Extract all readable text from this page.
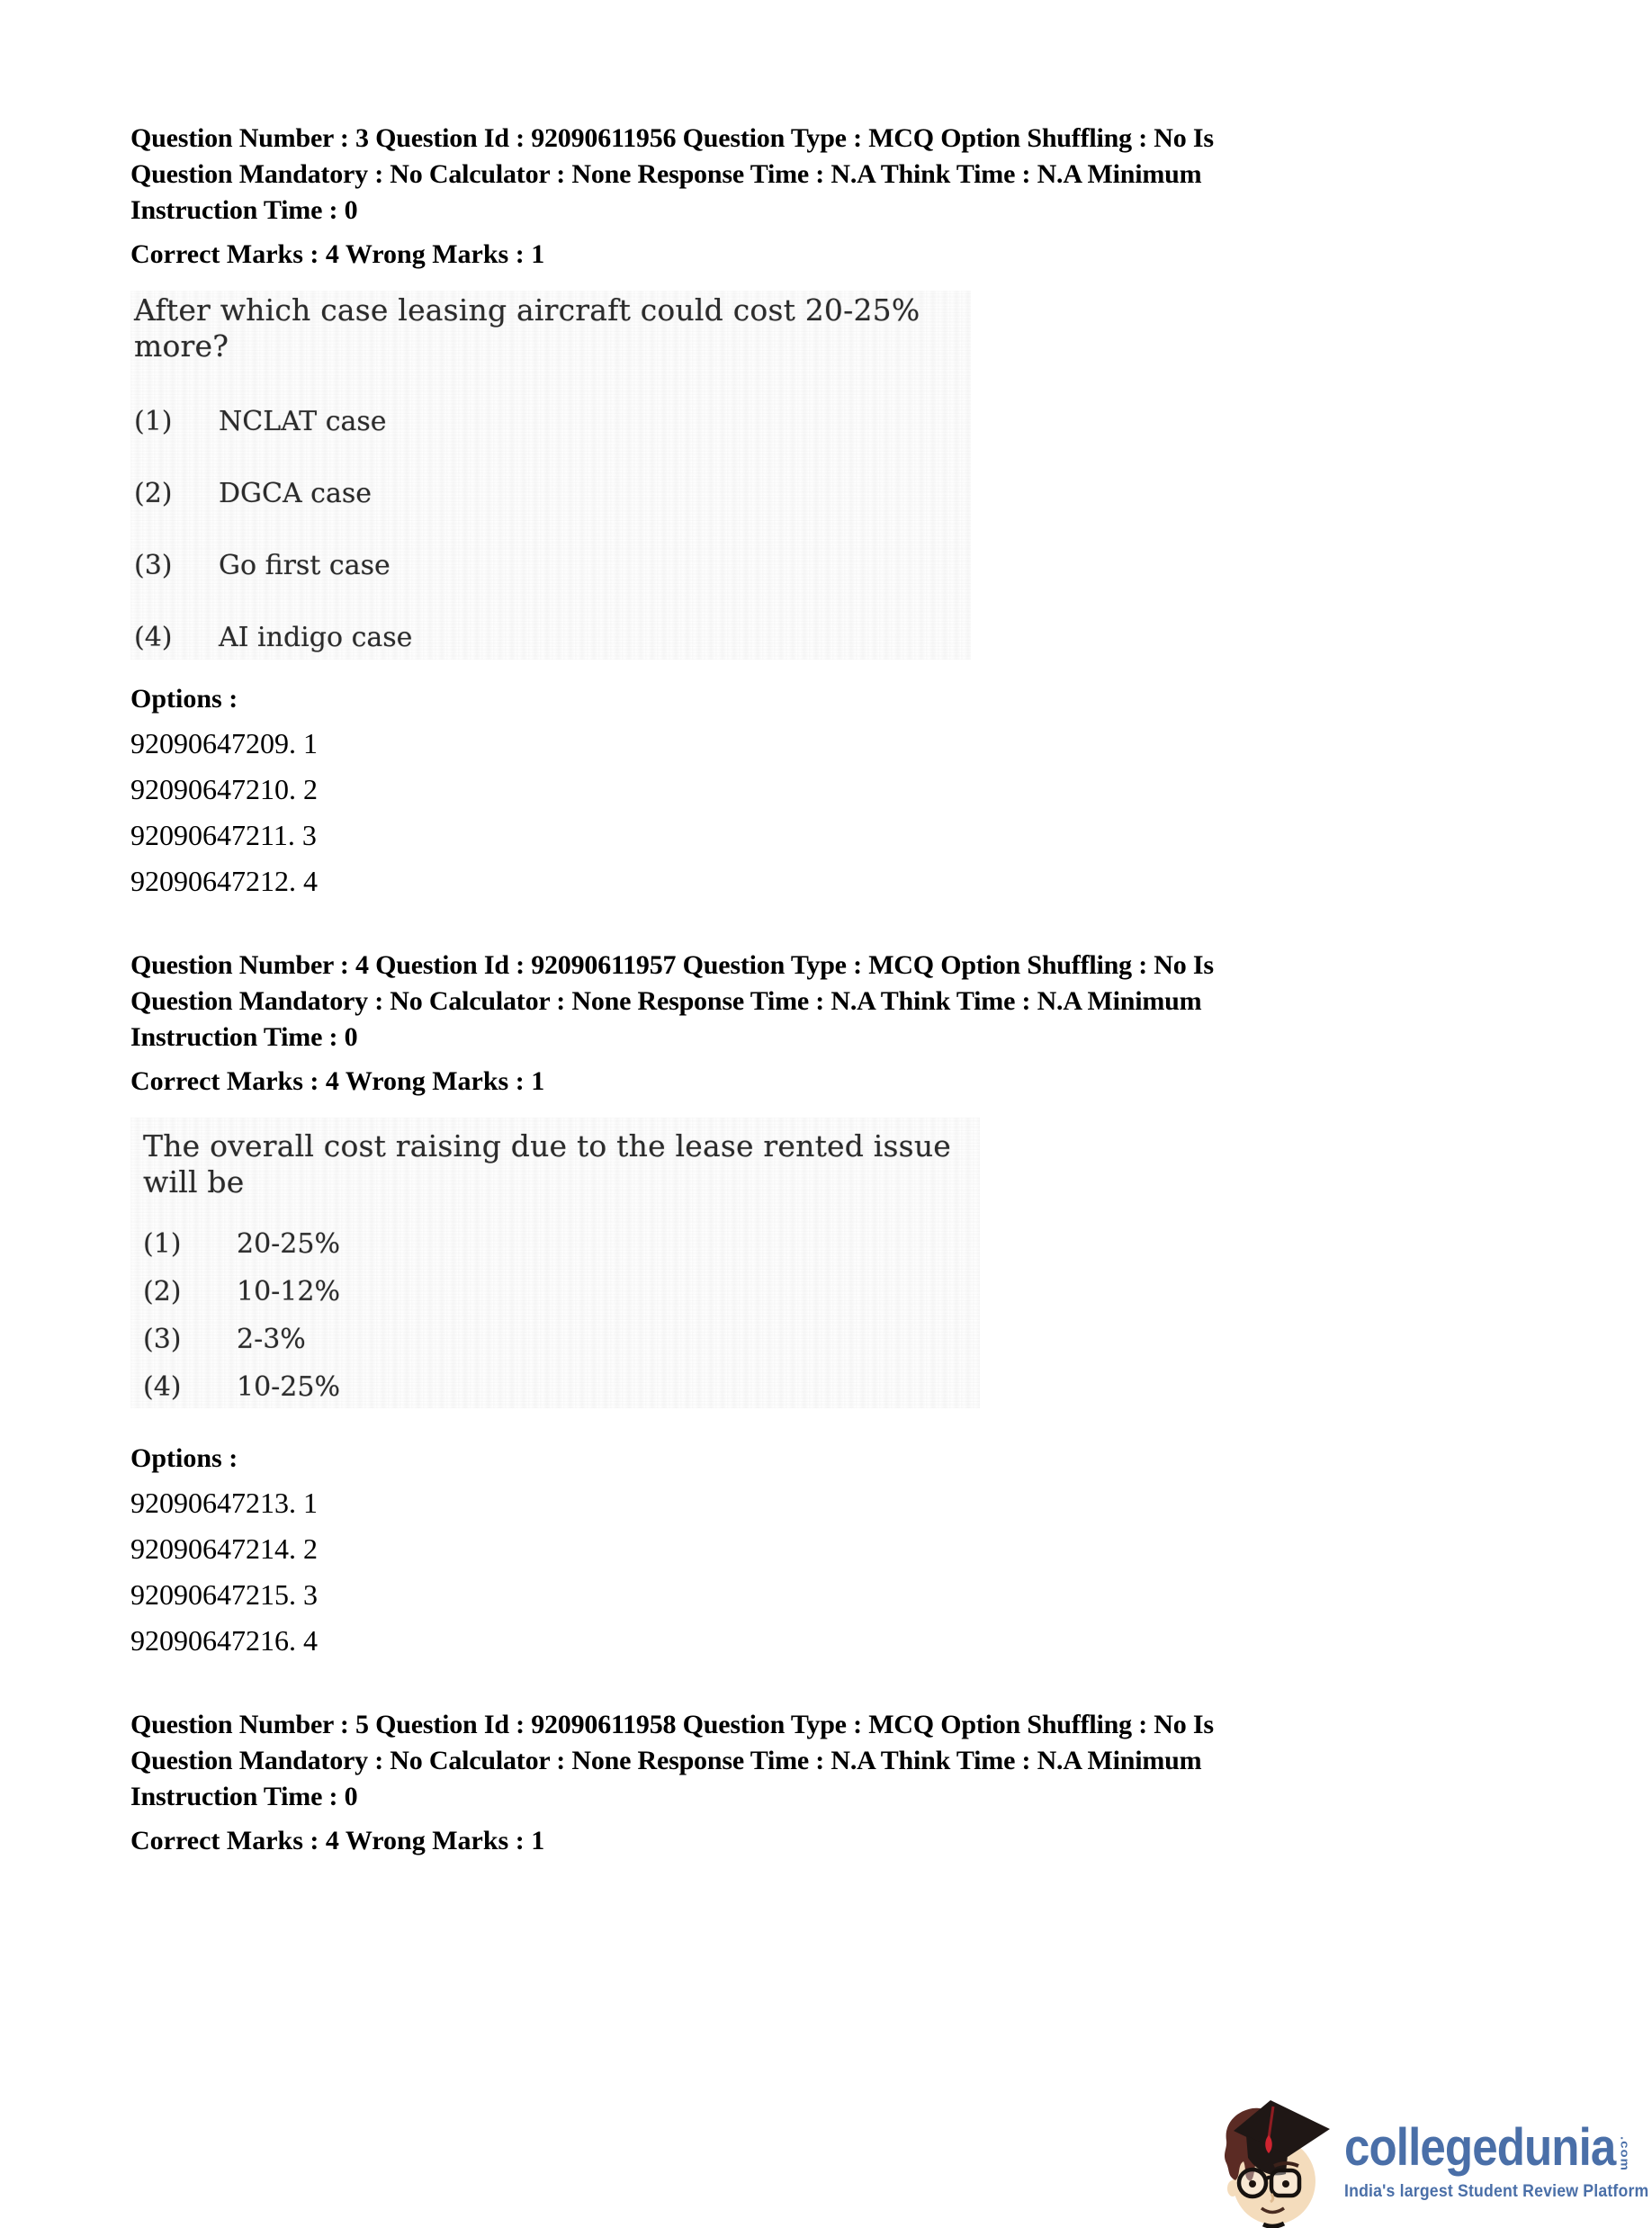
Question Number : 3 Question Id : 92090611956 Question Type : MCQ Option Shuffling : No Is
Question Mandatory : No Calculator : None Response Time : N.A Think Time : N.A Minimum
Instruction Time : 0

Correct Marks : 4 Wrong Marks : 1

After which case leasing aircraft could cost 20-25% more?

(1)	NCLAT case
(2)	DGCA case
(3)	Go first case
(4)	AI indigo case

Options :

92090647209. 1

92090647210. 2

92090647211. 3

92090647212. 4

Question Number : 4 Question Id : 92090611957 Question Type : MCQ Option Shuffling : No Is
Question Mandatory : No Calculator : None Response Time : N.A Think Time : N.A Minimum
Instruction Time : 0

Correct Marks : 4 Wrong Marks : 1

The overall cost raising due to the lease rented issue will be

(1)	20-25%
(2)	10-12%
(3)	2-3%
(4)	10-25%

Options :

92090647213. 1

92090647214. 2

92090647215. 3

92090647216. 4

Question Number : 5 Question Id : 92090611958 Question Type : MCQ Option Shuffling : No Is
Question Mandatory : No Calculator : None Response Time : N.A Think Time : N.A Minimum
Instruction Time : 0

Correct Marks : 4 Wrong Marks : 1

collegedunia .com
India's largest Student Review Platform
